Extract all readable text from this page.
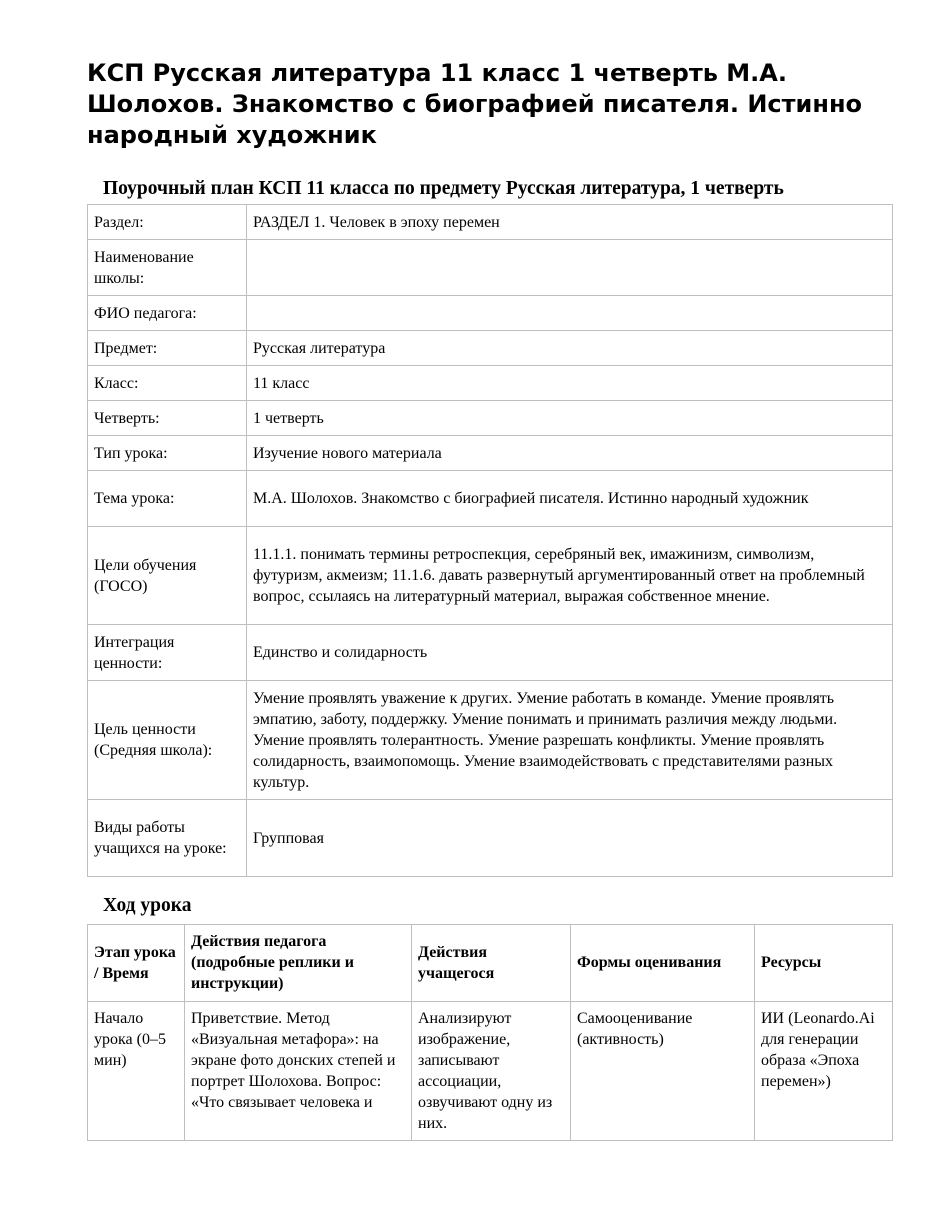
КСП Русская литература 11 класс 1 четверть М.А. Шолохов. Знакомство с биографией писателя. Истинно народный художник
Поурочный план КСП 11 класса по предмету Русская литература, 1 четверть
Раздел:	РАЗДЕЛ 1. Человек в эпоху перемен
Наименование школы:	
ФИО педагога:	
Предмет:	Русская литература
Класс:	11 класс
Четверть:	1 четверть
Тип урока:	Изучение нового материала
Тема урока:	М.А. Шолохов. Знакомство с биографией писателя. Истинно народный художник
Цели обучения (ГОСО)	11.1.1. понимать термины ретроспекция, серебряный век, имажинизм, символизм, футуризм, акмеизм; 11.1.6. давать развернутый аргументированный ответ на проблемный вопрос, ссылаясь на литературный материал, выражая собственное мнение.
Интеграция ценности:	Единство и солидарность
Цель ценности (Средняя школа):	Умение проявлять уважение к других. Умение работать в команде. Умение проявлять эмпатию, заботу, поддержку. Умение понимать и принимать различия между людьми. Умение проявлять толерантность. Умение разрешать конфликты. Умение проявлять солидарность, взаимопомощь. Умение взаимодействовать с представителями разных культур.
Виды работы учащихся на уроке:	Групповая
Ход урока
Этап урока / Время	Действия педагога (подробные реплики и инструкции)	Действия учащегося	Формы оценивания	Ресурсы
Начало урока (0–5 мин)	Приветствие. Метод «Визуальная метафора»: на экране фото донских степей и портрет Шолохова. Вопрос: «Что связывает человека и	Анализируют изображение, записывают ассоциации, озвучивают одну из них.	Самооценивание (активность)	ИИ (Leonardo.Ai для генерации образа «Эпоха перемен»)
